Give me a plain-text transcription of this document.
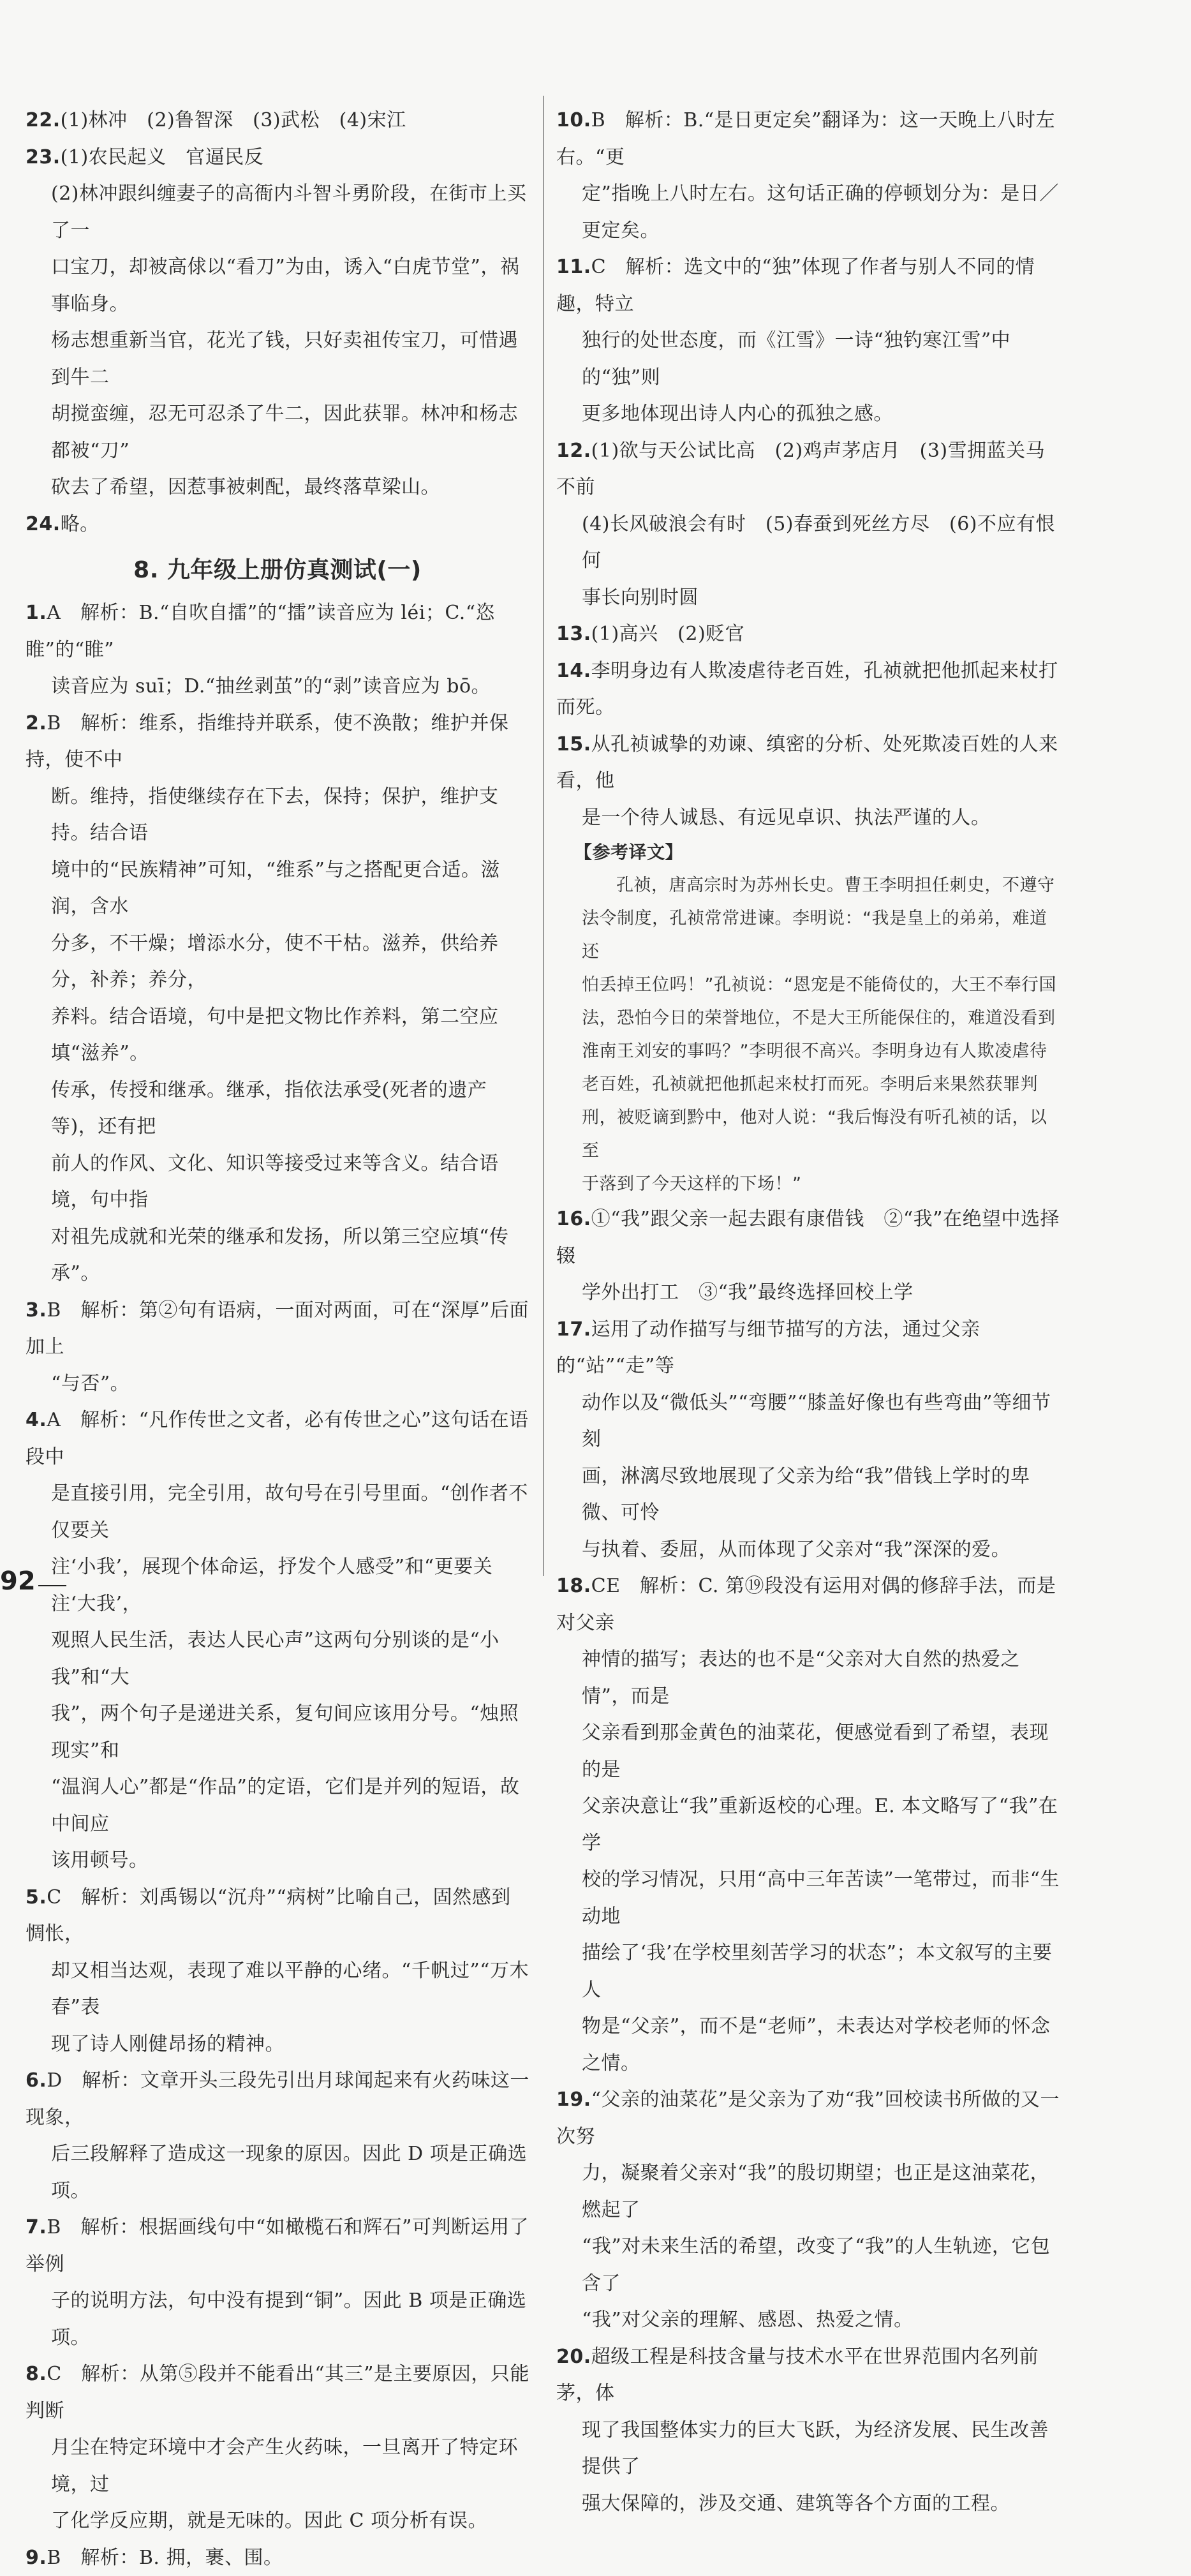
22.(1)林冲　(2)鲁智深　(3)武松　(4)宋江
23.(1)农民起义　官逼民反
(2)林冲跟纠缠妻子的高衙内斗智斗勇阶段，在街市上买了一
口宝刀，却被高俅以“看刀”为由，诱入“白虎节堂”，祸事临身。
杨志想重新当官，花光了钱，只好卖祖传宝刀，可惜遇到牛二
胡搅蛮缠，忍无可忍杀了牛二，因此获罪。林冲和杨志都被“刀”
砍去了希望，因惹事被刺配，最终落草梁山。
24.略。
8. 九年级上册仿真测试(一)
1.A　解析：B.“自吹自擂”的“擂”读音应为 léi；C.“恣睢”的“睢”
读音应为 suī；D.“抽丝剥茧”的“剥”读音应为 bō。
2.B　解析：维系，指维持并联系，使不涣散；维护并保持，使不中
断。维持，指使继续存在下去，保持；保护，维护支持。结合语
境中的“民族精神”可知，“维系”与之搭配更合适。滋润，含水
分多，不干燥；增添水分，使不干枯。滋养，供给养分，补养；养分，
养料。结合语境，句中是把文物比作养料，第二空应填“滋养”。
传承，传授和继承。继承，指依法承受(死者的遗产等)，还有把
前人的作风、文化、知识等接受过来等含义。结合语境，句中指
对祖先成就和光荣的继承和发扬，所以第三空应填“传承”。
3.B　解析：第②句有语病，一面对两面，可在“深厚”后面加上
“与否”。
4.A　解析：“凡作传世之文者，必有传世之心”这句话在语段中
是直接引用，完全引用，故句号在引号里面。“创作者不仅要关
注‘小我’，展现个体命运，抒发个人感受”和“更要关注‘大我’，
观照人民生活，表达人民心声”这两句分别谈的是“小我”和“大
我”，两个句子是递进关系，复句间应该用分号。“烛照现实”和
“温润人心”都是“作品”的定语，它们是并列的短语，故中间应
该用顿号。
5.C　解析：刘禹锡以“沉舟”“病树”比喻自己，固然感到惆怅，
却又相当达观，表现了难以平静的心绪。“千帆过”“万木春”表
现了诗人刚健昂扬的精神。
6.D　解析：文章开头三段先引出月球闻起来有火药味这一现象，
后三段解释了造成这一现象的原因。因此 D 项是正确选项。
7.B　解析：根据画线句中“如橄榄石和辉石”可判断运用了举例
子的说明方法，句中没有提到“铜”。因此 B 项是正确选项。
8.C　解析：从第⑤段并不能看出“其三”是主要原因，只能判断
月尘在特定环境中才会产生火药味，一旦离开了特定环境，过
了化学反应期，就是无味的。因此 C 项分析有误。
9.B　解析：B. 拥，裹、围。
10.B　解析：B.“是日更定矣”翻译为：这一天晚上八时左右。“更
定”指晚上八时左右。这句话正确的停顿划分为：是日／更定矣。
11.C　解析：选文中的“独”体现了作者与别人不同的情趣，特立
独行的处世态度，而《江雪》一诗“独钓寒江雪”中的“独”则
更多地体现出诗人内心的孤独之感。
12.(1)欲与天公试比高　(2)鸡声茅店月　(3)雪拥蓝关马不前
(4)长风破浪会有时　(5)春蚕到死丝方尽　(6)不应有恨　何
事长向别时圆
13.(1)高兴　(2)贬官
14.李明身边有人欺凌虐待老百姓，孔祯就把他抓起来杖打而死。
15.从孔祯诚挚的劝谏、缜密的分析、处死欺凌百姓的人来看，他
是一个待人诚恳、有远见卓识、执法严谨的人。
【参考译文】

孔祯，唐高宗时为苏州长史。曹王李明担任刺史，不遵守

法令制度，孔祯常常进谏。李明说：“我是皇上的弟弟，难道还

怕丢掉王位吗！”孔祯说：“恩宠是不能倚仗的，大王不奉行国

法，恐怕今日的荣誉地位，不是大王所能保住的，难道没看到

淮南王刘安的事吗？”李明很不高兴。李明身边有人欺凌虐待

老百姓，孔祯就把他抓起来杖打而死。李明后来果然获罪判

刑，被贬谪到黔中，他对人说：“我后悔没有听孔祯的话，以至

于落到了今天这样的下场！”

16.①“我”跟父亲一起去跟有康借钱　②“我”在绝望中选择辍
学外出打工　③“我”最终选择回校上学
17.运用了动作描写与细节描写的方法，通过父亲的“站”“走”等
动作以及“微低头”“弯腰”“膝盖好像也有些弯曲”等细节刻
画，淋漓尽致地展现了父亲为给“我”借钱上学时的卑微、可怜
与执着、委屈，从而体现了父亲对“我”深深的爱。
18.CE　解析：C. 第⑲段没有运用对偶的修辞手法，而是对父亲
神情的描写；表达的也不是“父亲对大自然的热爱之情”，而是
父亲看到那金黄色的油菜花，便感觉看到了希望，表现的是
父亲决意让“我”重新返校的心理。E. 本文略写了“我”在学
校的学习情况，只用“高中三年苦读”一笔带过，而非“生动地
描绘了‘我’在学校里刻苦学习的状态”；本文叙写的主要人
物是“父亲”，而不是“老师”，未表达对学校老师的怀念之情。
19.“父亲的油菜花”是父亲为了劝“我”回校读书所做的又一次努
力，凝聚着父亲对“我”的殷切期望；也正是这油菜花，燃起了
“我”对未来生活的希望，改变了“我”的人生轨迹，它包含了
“我”对父亲的理解、感恩、热爱之情。
20.超级工程是科技含量与技术水平在世界范围内名列前茅，体
现了我国整体实力的巨大飞跃，为经济发展、民生改善提供了
强大保障的，涉及交通、建筑等各个方面的工程。
92
